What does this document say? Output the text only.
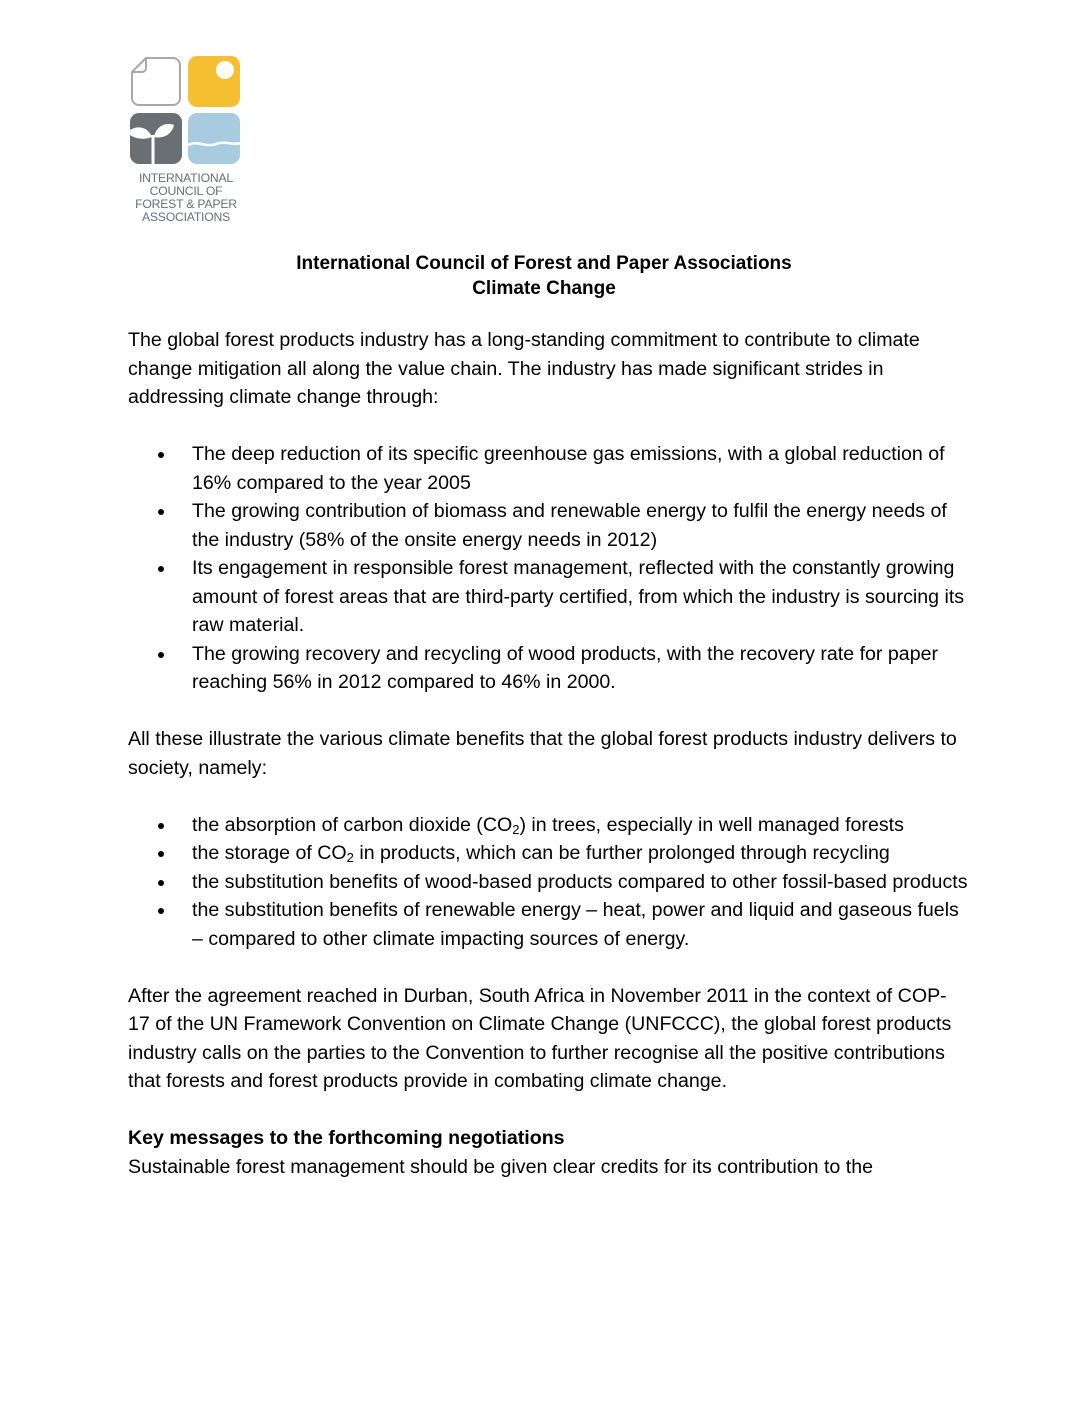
INTERNATIONAL
COUNCIL OF
FOREST & PAPER
ASSOCIATIONS
International Council of Forest and Paper Associations
Climate Change

The global forest products industry has a long-standing commitment to contribute to climate change mitigation all along the value chain. The industry has made significant strides in addressing climate change through:

The deep reduction of its specific greenhouse gas emissions, with a global reduction of 16% compared to the year 2005
The growing contribution of biomass and renewable energy to fulfil the energy needs of the industry (58% of the onsite energy needs in 2012)
Its engagement in responsible forest management, reflected with the constantly growing amount of forest areas that are third-party certified, from which the industry is sourcing its raw material.
The growing recovery and recycling of wood products, with the recovery rate for paper reaching 56% in 2012 compared to 46% in 2000.

All these illustrate the various climate benefits that the global forest products industry delivers to society, namely:

the absorption of carbon dioxide $(CO_2)$ in trees, especially in well managed forests
the storage of $CO_2$ in products, which can be further prolonged through recycling
the substitution benefits of wood-based products compared to other fossil-based products
the substitution benefits of renewable energy – heat, power and liquid and gaseous fuels – compared to other climate impacting sources of energy.

After the agreement reached in Durban, South Africa in November 2011 in the context of COP-17 of the UN Framework Convention on Climate Change (UNFCCC), the global forest products industry calls on the parties to the Convention to further recognise all the positive contributions that forests and forest products provide in combating climate change.

Key messages to the forthcoming negotiations

Sustainable forest management should be given clear credits for its contribution to the
